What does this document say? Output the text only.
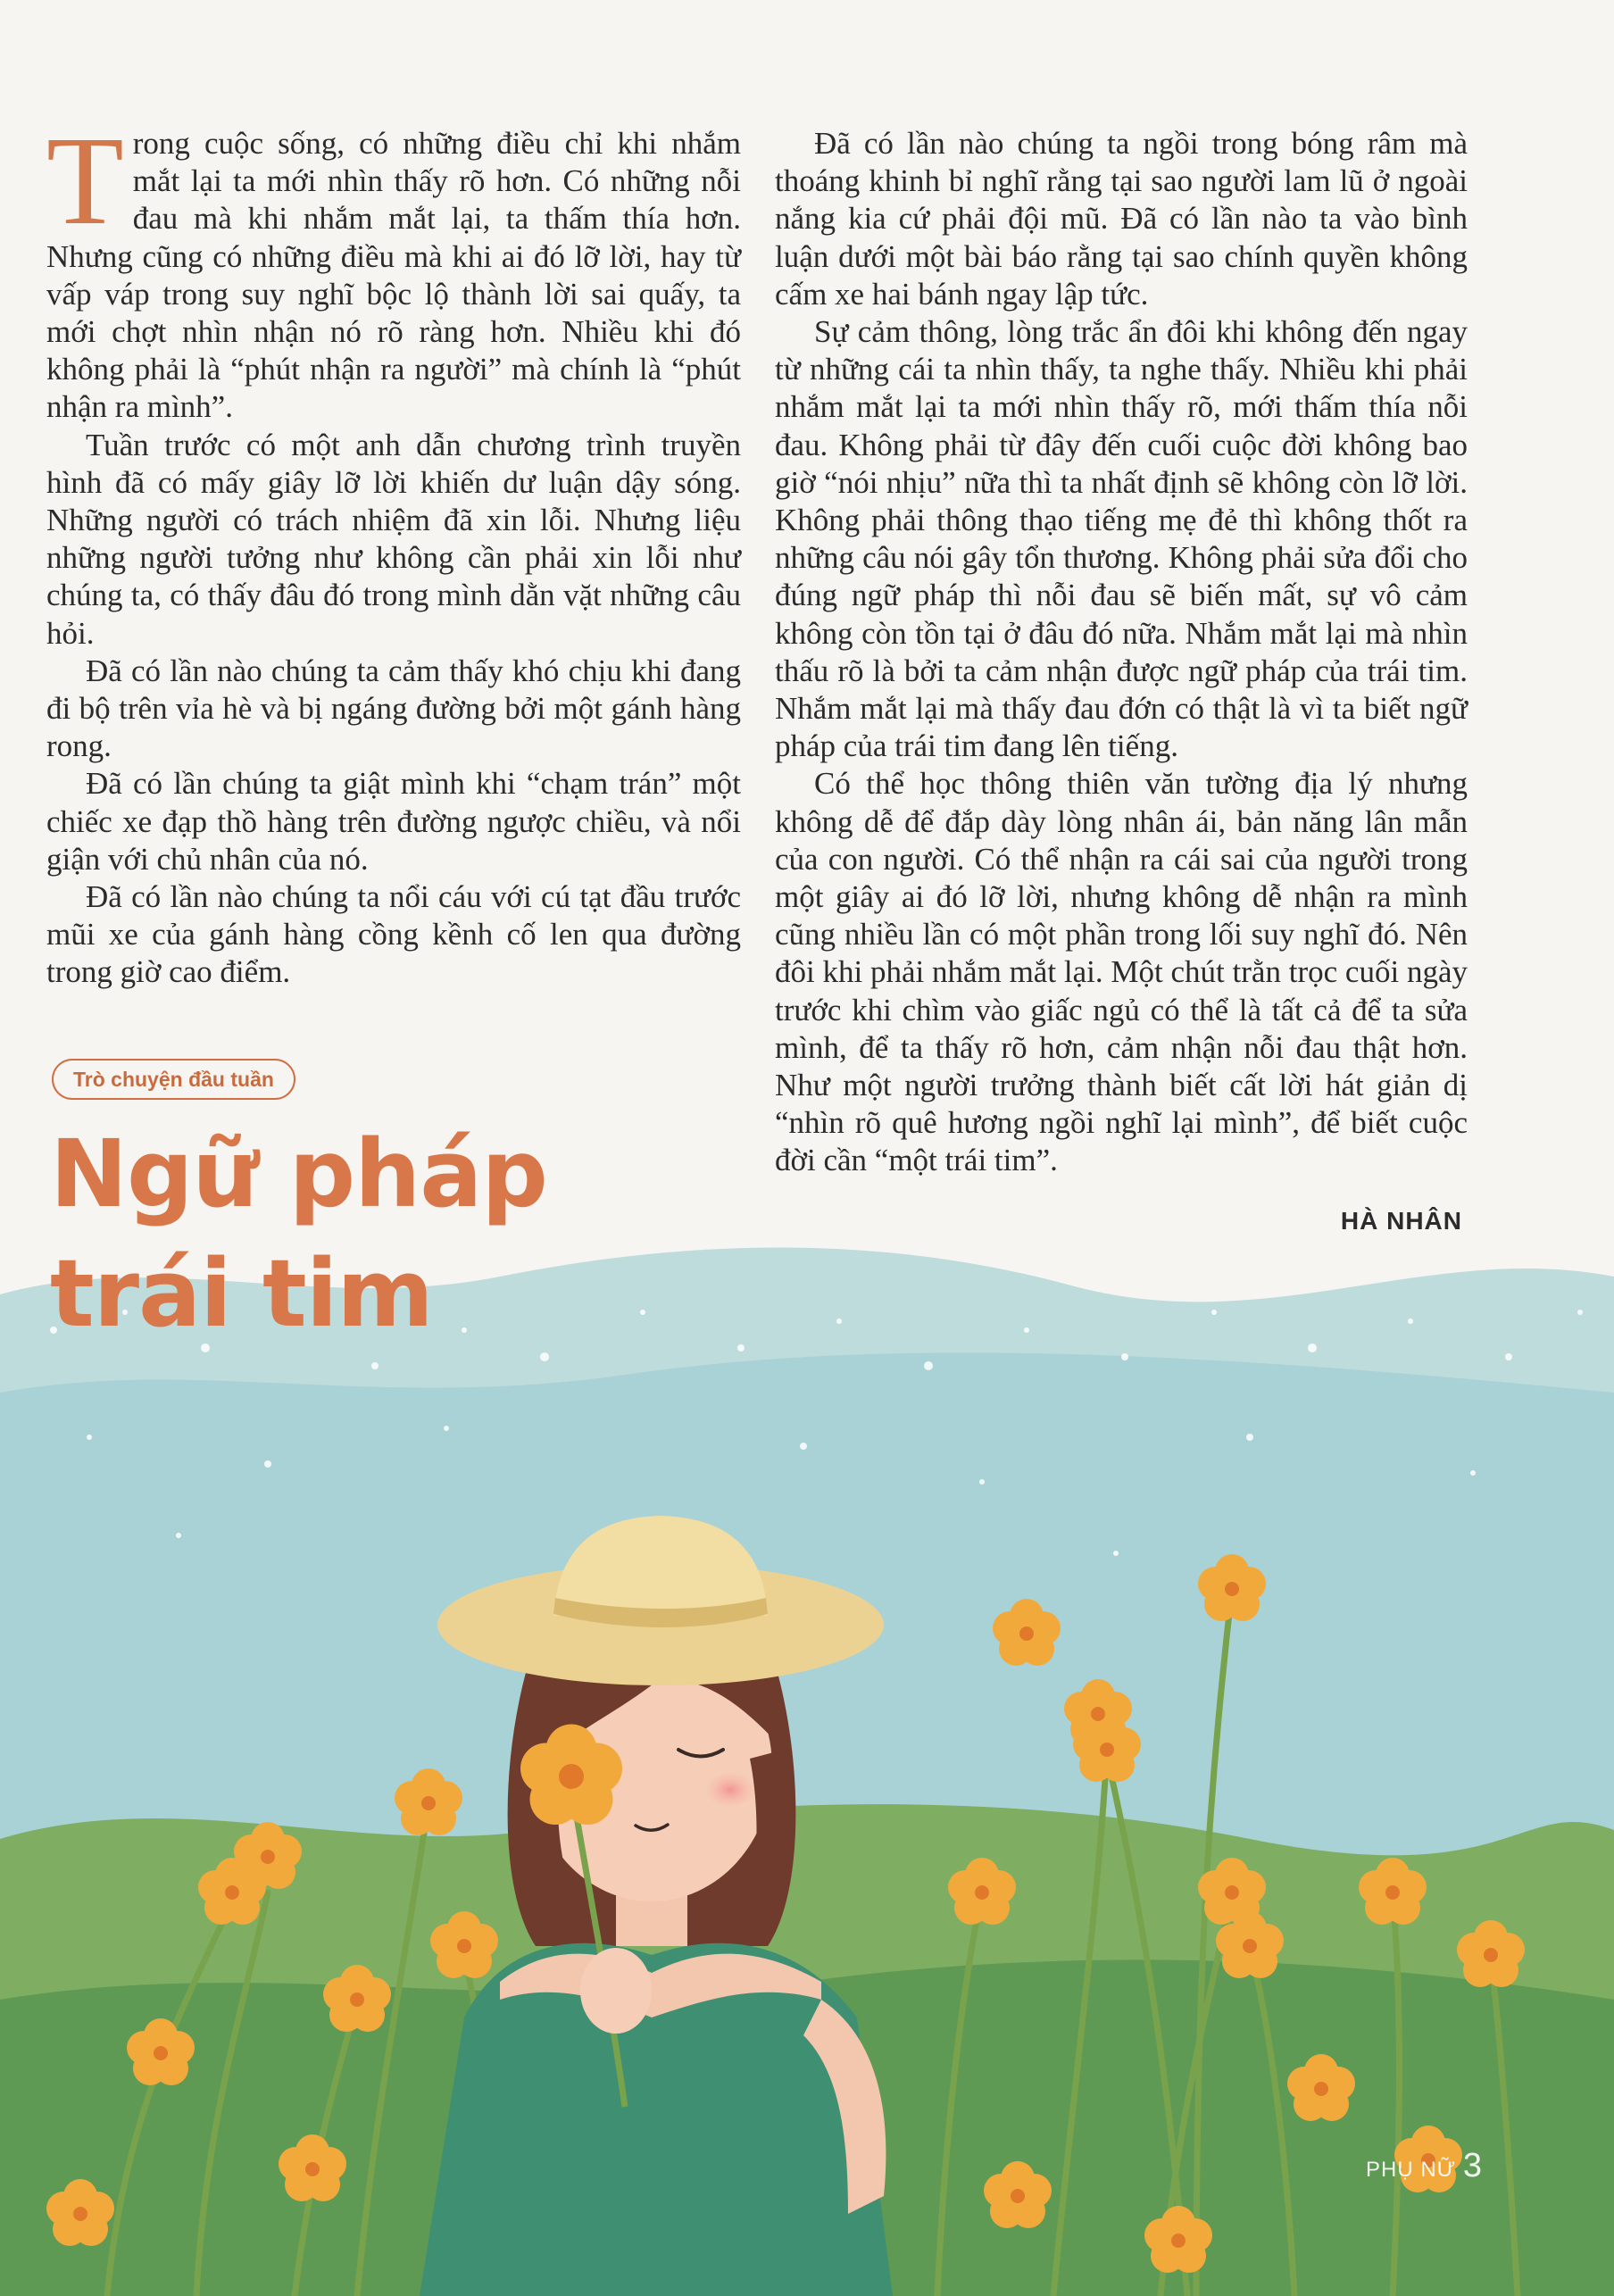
Trong cuộc sống, có những điều chỉ khi nhắm mắt lại ta mới nhìn thấy rõ hơn. Có những nỗi đau mà khi nhắm mắt lại, ta thấm thía hơn. Nhưng cũng có những điều mà khi ai đó lỡ lời, hay từ vấp váp trong suy nghĩ bộc lộ thành lời sai quấy, ta mới chợt nhìn nhận nó rõ ràng hơn. Nhiều khi đó không phải là “phút nhận ra người” mà chính là “phút nhận ra mình”.

Tuần trước có một anh dẫn chương trình truyền hình đã có mấy giây lỡ lời khiến dư luận dậy sóng. Những người có trách nhiệm đã xin lỗi. Nhưng liệu những người tưởng như không cần phải xin lỗi như chúng ta, có thấy đâu đó trong mình dằn vặt những câu hỏi.

Đã có lần nào chúng ta cảm thấy khó chịu khi đang đi bộ trên vỉa hè và bị ngáng đường bởi một gánh hàng rong.

Đã có lần chúng ta giật mình khi “chạm trán” một chiếc xe đạp thồ hàng trên đường ngược chiều, và nổi giận với chủ nhân của nó.

Đã có lần nào chúng ta nổi cáu với cú tạt đầu trước mũi xe của gánh hàng cồng kềnh cố len qua đường trong giờ cao điểm.

Đã có lần nào chúng ta ngồi trong bóng râm mà thoáng khinh bỉ nghĩ rằng tại sao người lam lũ ở ngoài nắng kia cứ phải đội mũ. Đã có lần nào ta vào bình luận dưới một bài báo rằng tại sao chính quyền không cấm xe hai bánh ngay lập tức.

Sự cảm thông, lòng trắc ẩn đôi khi không đến ngay từ những cái ta nhìn thấy, ta nghe thấy. Nhiều khi phải nhắm mắt lại ta mới nhìn thấy rõ, mới thấm thía nỗi đau. Không phải từ đây đến cuối cuộc đời không bao giờ “nói nhịu” nữa thì ta nhất định sẽ không còn lỡ lời. Không phải thông thạo tiếng mẹ đẻ thì không thốt ra những câu nói gây tổn thương. Không phải sửa đổi cho đúng ngữ pháp thì nỗi đau sẽ biến mất, sự vô cảm không còn tồn tại ở đâu đó nữa. Nhắm mắt lại mà nhìn thấu rõ là bởi ta cảm nhận được ngữ pháp của trái tim. Nhắm mắt lại mà thấy đau đớn có thật là vì ta biết ngữ pháp của trái tim đang lên tiếng.

Có thể học thông thiên văn tường địa lý nhưng không dễ để đắp dày lòng nhân ái, bản năng lân mẫn của con người. Có thể nhận ra cái sai của người trong một giây ai đó lỡ lời, nhưng không dễ nhận ra mình cũng nhiều lần có một phần trong lối suy nghĩ đó. Nên đôi khi phải nhắm mắt lại. Một chút trằn trọc cuối ngày trước khi chìm vào giấc ngủ có thể là tất cả để ta sửa mình, để ta thấy rõ hơn, cảm nhận nỗi đau thật hơn. Như một người trưởng thành biết cất lời hát giản dị “nhìn rõ quê hương ngồi nghĩ lại mình”, để biết cuộc đời cần “một trái tim”.

HÀ NHÂN
Trò chuyện đầu tuần
Ngữ pháp
trái tim
PHỤ NỮ 3
